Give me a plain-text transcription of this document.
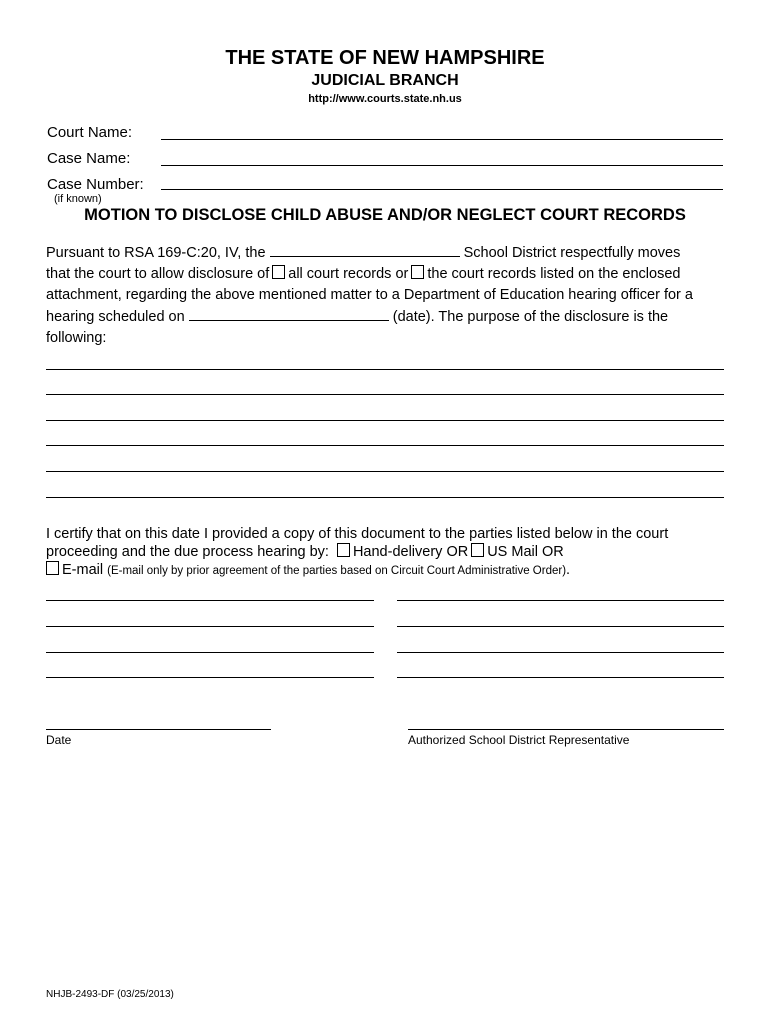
THE STATE OF NEW HAMPSHIRE
JUDICIAL BRANCH
http://www.courts.state.nh.us
Court Name:
Case Name:
Case Number:
(if known)
MOTION TO DISCLOSE CHILD ABUSE AND/OR NEGLECT COURT RECORDS
Pursuant to RSA 169-C:20, IV, the	School District respectfully moves
that the court to allow disclosure of all court records or the court records listed on the enclosed
attachment, regarding the above mentioned matter to a Department of Education hearing officer for a
hearing scheduled on	(date). The purpose of the disclosure is the
following:
I certify that on this date I provided a copy of this document to the parties listed below in the court
proceeding and the due process hearing by: Hand-delivery OR US Mail OR
E-mail (E-mail only by prior agreement of the parties based on Circuit Court Administrative Order).
Date	Authorized School District Representative
NHJB-2493-DF (03/25/2013)
